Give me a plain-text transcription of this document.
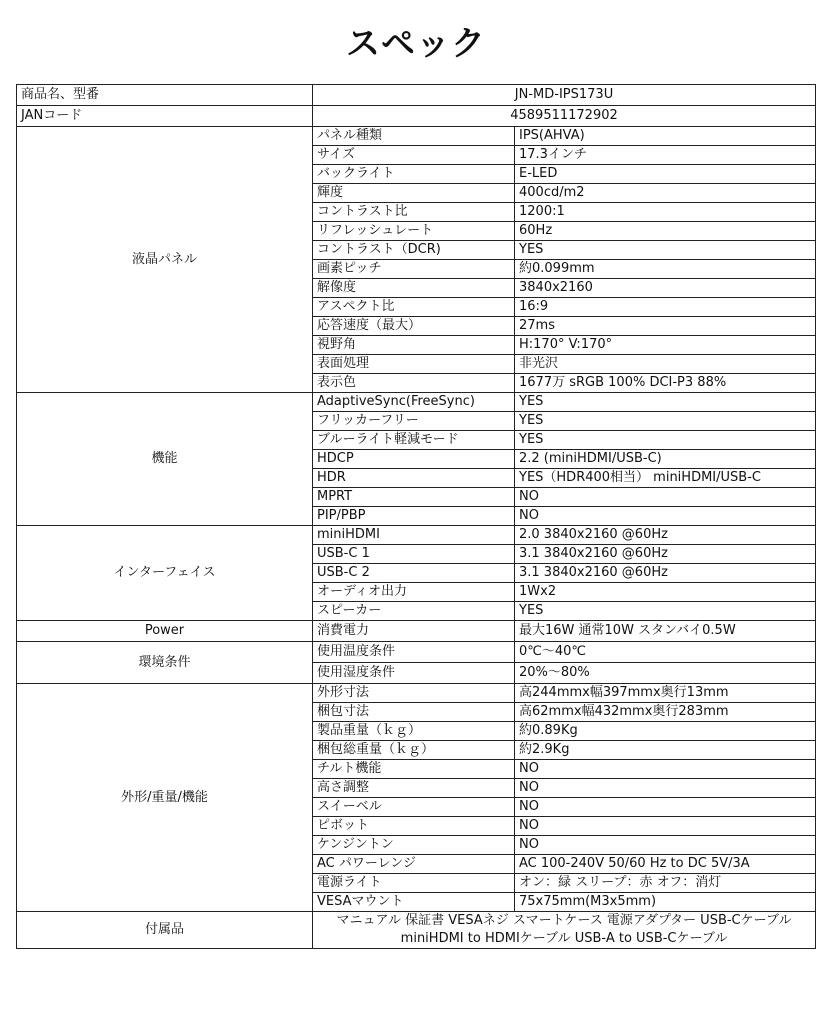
スペック
商品名、型番	JN-MD-IPS173U	
JANコード	4589511172902	
液晶パネル	パネル種類	IPS(AHVA)
	サイズ	17.3インチ
	バックライト	E-LED
	輝度	400cd/m2
	コントラスト比	1200:1
	リフレッシュレート	60Hz
	コントラスト（DCR)	YES
	画素ピッチ	約0.099mm
	解像度	3840x2160
	アスペクト比	16:9
	応答速度（最大）	27ms
	視野角	H:170° V:170°
	表面処理	非光沢
	表示色	1677万 sRGB 100% DCI-P3 88%
機能	AdaptiveSync(FreeSync)	YES
	フリッカーフリー	YES
	ブルーライト軽減モード	YES
	HDCP	2.2 (miniHDMI/USB-C)
	HDR	YES（HDR400相当） miniHDMI/USB-C
	MPRT	NO
	PIP/PBP	NO
インターフェイス	miniHDMI	2.0 3840x2160 @60Hz
	USB-C 1	3.1 3840x2160 @60Hz
	USB-C 2	3.1 3840x2160 @60Hz
	オーディオ出力	1Wx2
	スピーカー	YES
Power	消費電力	最大16W 通常10W スタンバイ0.5W
環境条件	使用温度条件	0℃～40℃
	使用湿度条件	20%～80%
外形/重量/機能	外形寸法	高244mmx幅397mmx奥行13mm
	梱包寸法	高62mmx幅432mmx奥行283mm
	製品重量（ｋｇ）	約0.89Kg
	梱包総重量（ｋｇ）	約2.9Kg
	チルト機能	NO
	高さ調整	NO
	スイーベル	NO
	ピボット	NO
	ケンジントン	NO
	AC パワーレンジ	AC 100-240V 50/60 Hz to DC 5V/3A
	電源ライト	オン：緑 スリープ：赤 オフ：消灯
	VESAマウント	75x75mm(M3x5mm)
付属品	マニュアル 保証書 VESAネジ スマートケース 電源アダプター USB-Cケーブル
miniHDMI to HDMIケーブル USB-A to USB-Cケーブル	
